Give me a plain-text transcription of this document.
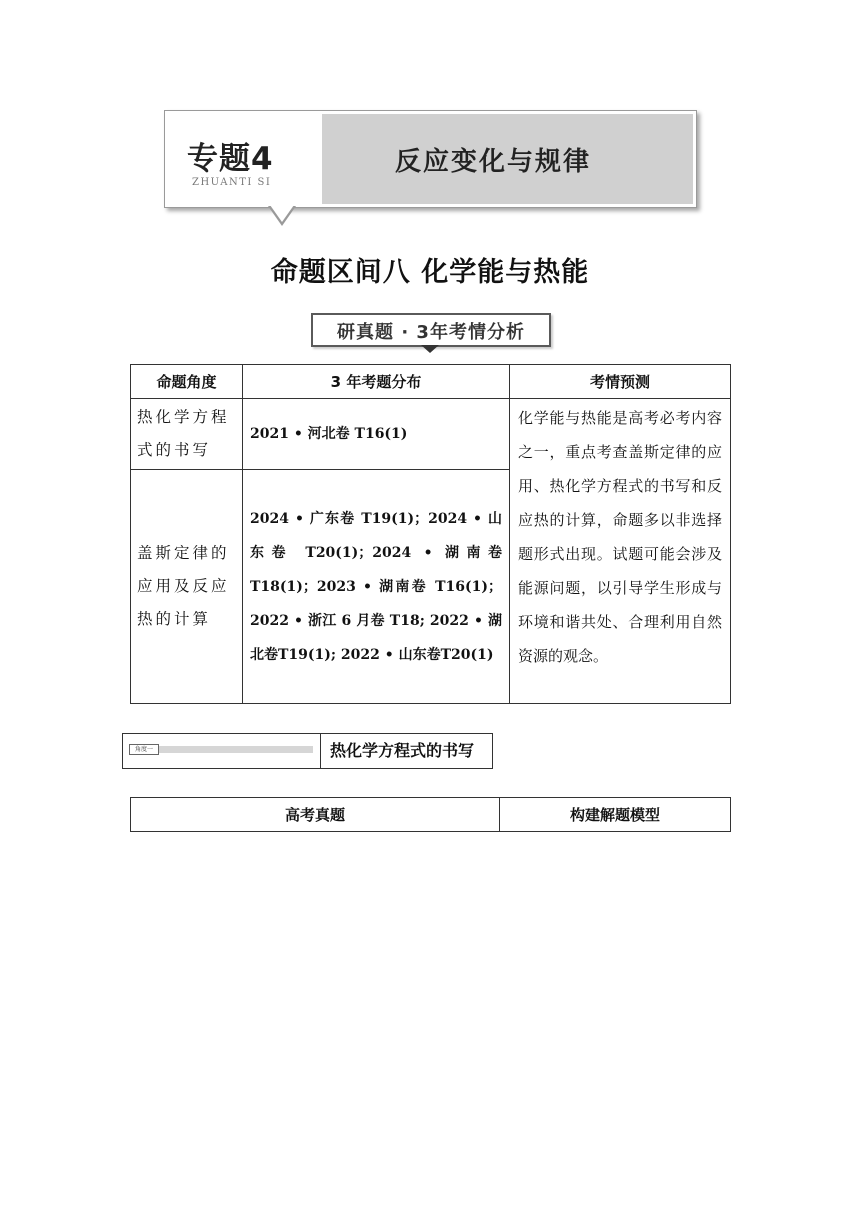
专题4
ZHUANTI SI
反应变化与规律
命题区间八 化学能与热能
研真题 · 3年考情分析
命题角度	3 年考题分布	考情预测
热化学方程式的书写	2021 • 河北卷 T16(1)	化学能与热能是高考必考内容之一，重点考查盖斯定律的应用、热化学方程式的书写和反应热的计算，命题多以非选择题形式出现。试题可能会涉及能源问题，以引导学生形成与环境和谐共处、合理利用自然资源的观念。
盖斯定律的应用及反应热的计算	2024 • 广东卷 T19(1)；2024 • 山东卷 T20(1)；2024 • 湖南卷 T18(1)；2023 • 湖南卷 T16(1)；2022 • 浙江 6 月卷 T18; 2022 • 湖北卷T19(1); 2022 • 山东卷T20(1)	
角度一	热化学方程式的书写
高考真题	构建解题模型
